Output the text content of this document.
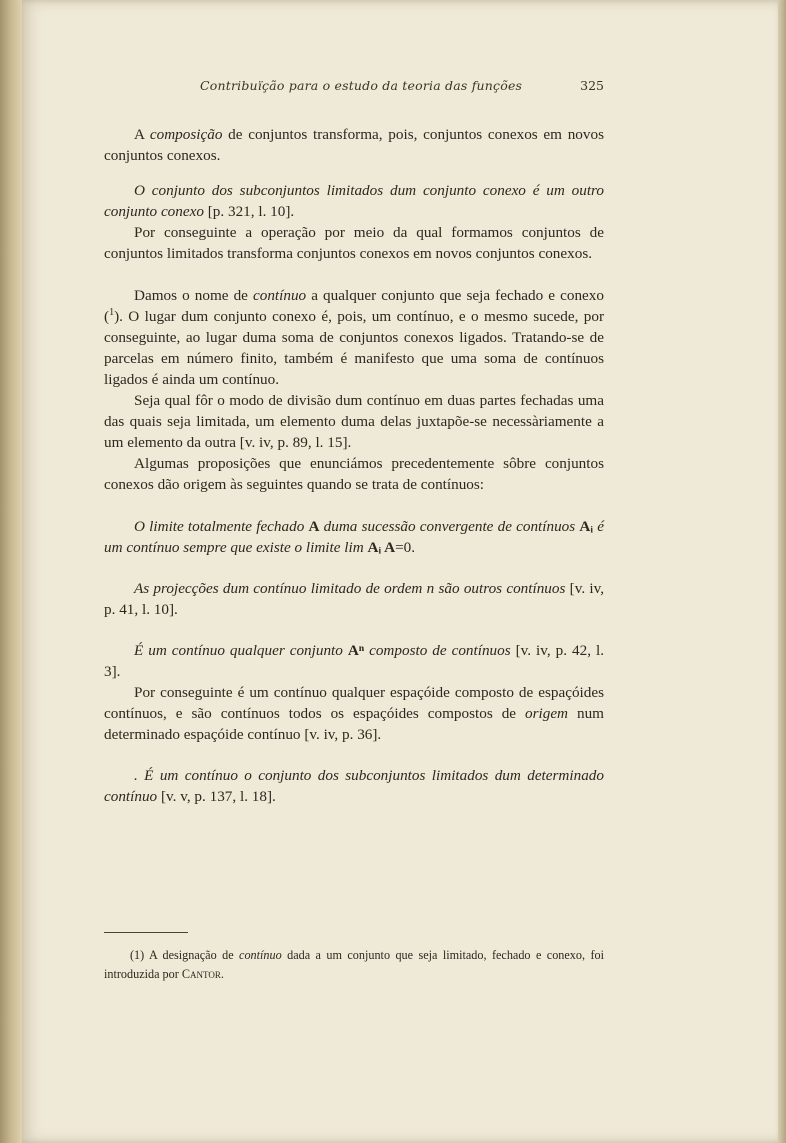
Contribuïção para o estudo da teoria das funções	325

A composição de conjuntos transforma, pois, conjuntos conexos em novos conjuntos conexos.

O conjunto dos subconjuntos limitados dum conjunto conexo é um outro conjunto conexo [p. 321, l. 10].

Por conseguinte a operação por meio da qual formamos conjuntos de conjuntos limitados transforma conjuntos conexos em novos conjuntos conexos.

Damos o nome de contínuo a qualquer conjunto que seja fechado e conexo ($^1$). O lugar dum conjunto conexo é, pois, um contínuo, e o mesmo sucede, por conseguinte, ao lugar duma soma de conjuntos conexos ligados. Tratando-se de parcelas em número finito, também é manifesto que uma soma de contínuos ligados é ainda um contínuo.

Seja qual fôr o modo de divisão dum contínuo em duas partes fechadas uma das quais seja limitada, um elemento duma delas juxtapõe-se necessàriamente a um elemento da outra [v. iv, p. 89, l. 15].

Algumas proposições que enunciámos precedentemente sôbre conjuntos conexos dão origem às seguintes quando se trata de contínuos:

O limite totalmente fechado A duma sucessão convergente de contínuos Aᵢ é um contínuo sempre que existe o limite lim Aᵢ A=0.

As projecções dum contínuo limitado de ordem n são outros contínuos [v. iv, p. 41, l. 10].

É um contínuo qualquer conjunto Aⁿ composto de contínuos [v. iv, p. 42, l. 3].

Por conseguinte é um contínuo qualquer espaçóide composto de espaçóides contínuos, e são contínuos todos os espaçóides compostos de origem num determinado espaçóide contínuo [v. iv, p. 36].

. É um contínuo o conjunto dos subconjuntos limitados dum determinado contínuo [v. v, p. 137, l. 18].

(1) A designação de contínuo dada a um conjunto que seja limitado, fechado e conexo, foi introduzida por Cantor.
